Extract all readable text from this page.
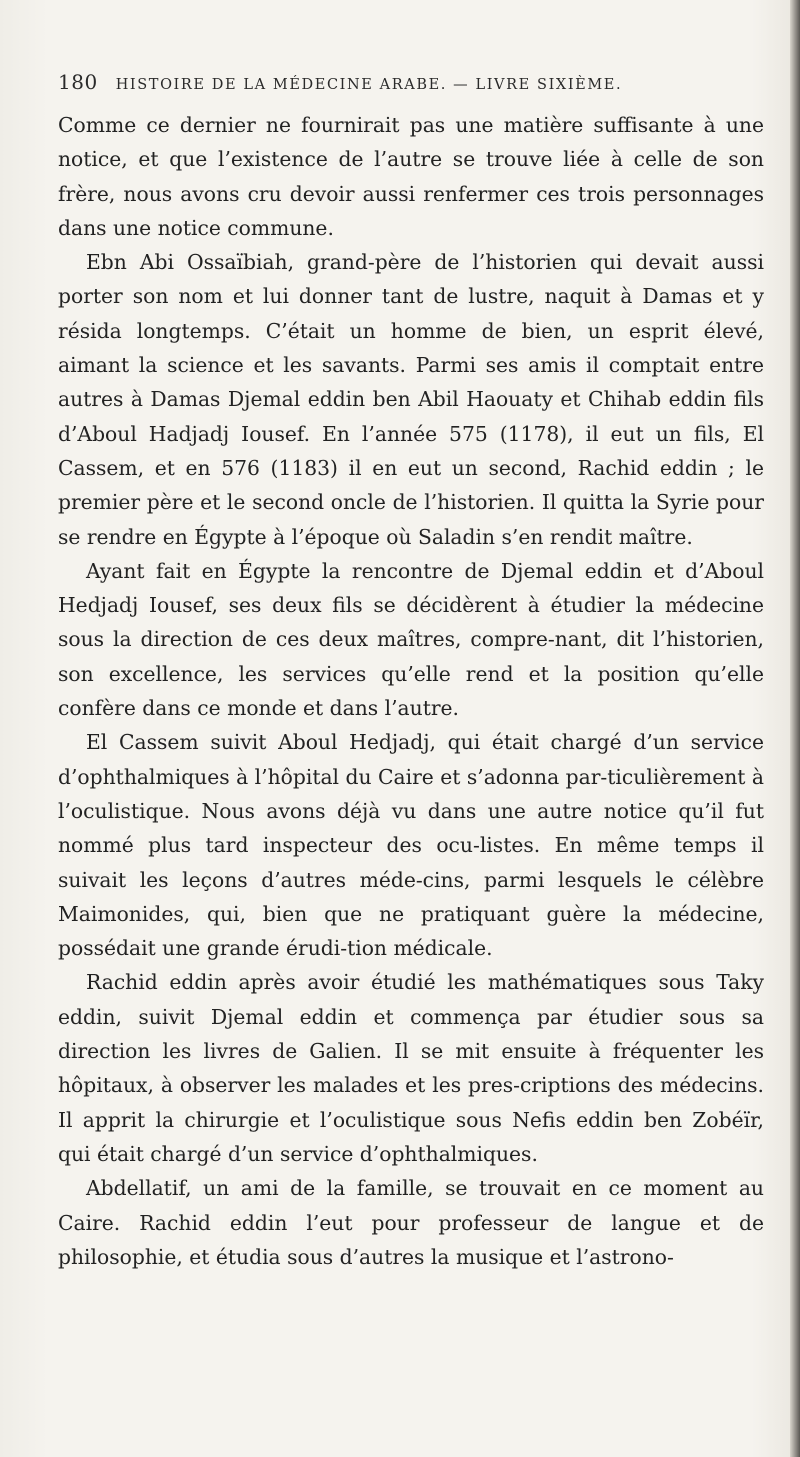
180 HISTOIRE DE LA MÉDECINE ARABE. — LIVRE SIXIÈME.

Comme ce dernier ne fournirait pas une matière suffisante à une notice, et que l’existence de l’autre se trouve liée à celle de son frère, nous avons cru devoir aussi renfermer ces trois personnages dans une notice commune.

Ebn Abi Ossaïbiah, grand-père de l’historien qui devait aussi porter son nom et lui donner tant de lustre, naquit à Damas et y résida longtemps. C’était un homme de bien, un esprit élevé, aimant la science et les savants. Parmi ses amis il comptait entre autres à Damas Djemal eddin ben Abil Haouaty et Chihab eddin fils d’Aboul Hadjadj Iousef. En l’année 575 (1178), il eut un fils, El Cassem, et en 576 (1183) il en eut un second, Rachid eddin ; le premier père et le second oncle de l’historien. Il quitta la Syrie pour se rendre en Égypte à l’époque où Saladin s’en rendit maître.

Ayant fait en Égypte la rencontre de Djemal eddin et d’Aboul Hedjadj Iousef, ses deux fils se décidèrent à étudier la médecine sous la direction de ces deux maîtres, compre-nant, dit l’historien, son excellence, les services qu’elle rend et la position qu’elle confère dans ce monde et dans l’autre.

El Cassem suivit Aboul Hedjadj, qui était chargé d’un service d’ophthalmiques à l’hôpital du Caire et s’adonna par-ticulièrement à l’oculistique. Nous avons déjà vu dans une autre notice qu’il fut nommé plus tard inspecteur des ocu-listes. En même temps il suivait les leçons d’autres méde-cins, parmi lesquels le célèbre Maimonides, qui, bien que ne pratiquant guère la médecine, possédait une grande érudi-tion médicale.

Rachid eddin après avoir étudié les mathématiques sous Taky eddin, suivit Djemal eddin et commença par étudier sous sa direction les livres de Galien. Il se mit ensuite à fréquenter les hôpitaux, à observer les malades et les pres-criptions des médecins. Il apprit la chirurgie et l’oculistique sous Nefis eddin ben Zobéïr, qui était chargé d’un service d’ophthalmiques.

Abdellatif, un ami de la famille, se trouvait en ce moment au Caire. Rachid eddin l’eut pour professeur de langue et de philosophie, et étudia sous d’autres la musique et l’astrono-
